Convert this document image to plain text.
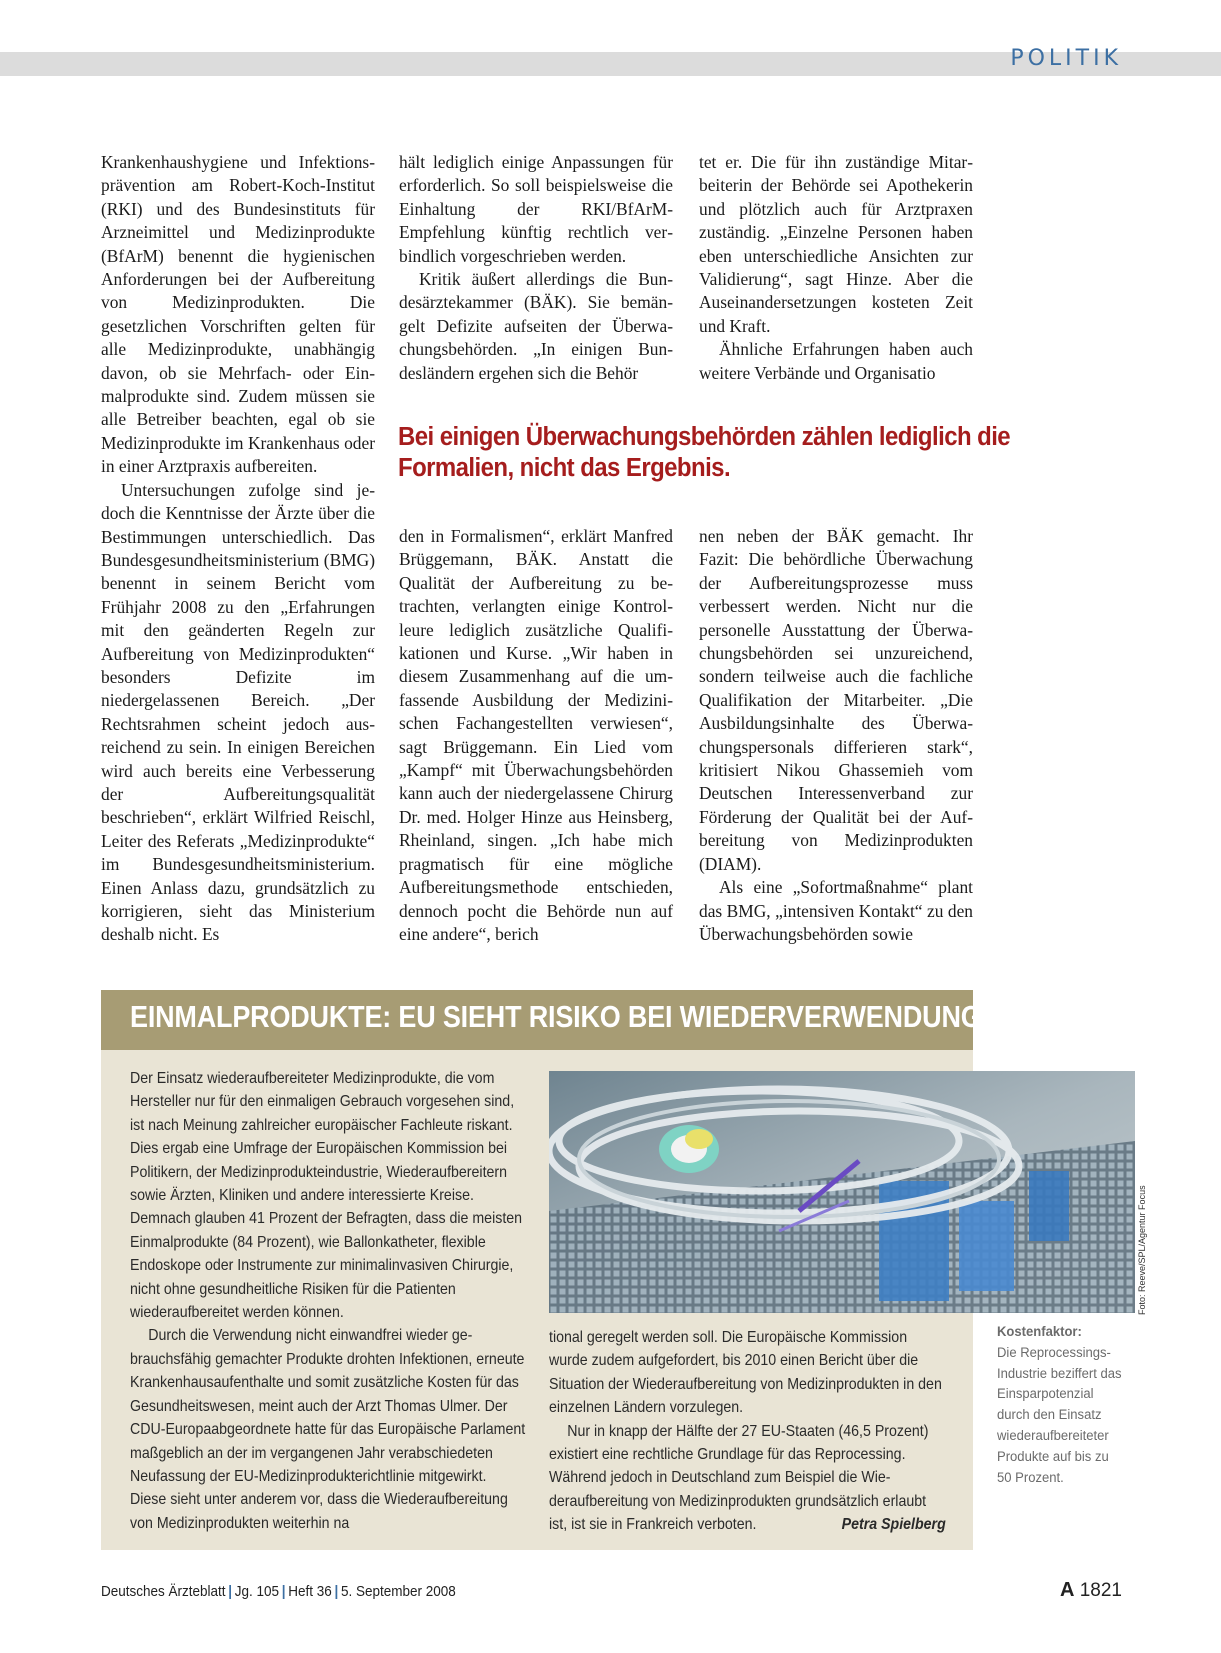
POLITIK

Krankenhaushygiene und Infektionsprävention am Robert-Koch-Institut (RKI) und des Bundesinstituts für Arzneimittel und Medizinprodukte (BfArM) benennt die hygienischen Anforderungen bei der Aufbereitung von Medizinprodukten. Die gesetzlichen Vorschriften gelten für alle Medizinprodukte, unabhängig davon, ob sie Mehrfach- oder Einmalprodukte sind. Zudem müssen sie alle Betreiber beachten, egal ob sie Medizinprodukte im Krankenhaus oder in einer Arztpraxis aufbereiten.

Untersuchungen zufolge sind jedoch die Kenntnisse der Ärzte über die Bestimmungen unterschiedlich. Das Bundesgesundheitsministerium (BMG) benennt in seinem Bericht vom Frühjahr 2008 zu den „Erfahrungen mit den geänderten Regeln zur Aufbereitung von Medizinprodukten“ besonders Defizite im niedergelassenen Bereich. „Der Rechtsrahmen scheint jedoch ausreichend zu sein. In einigen Bereichen wird auch bereits eine Verbesserung der Aufbereitungsqualität beschrieben“, erklärt Wilfried Reischl, Leiter des Referats „Medizinprodukte“ im Bundesgesundheitsministerium. Einen Anlass dazu, grundsätzlich zu korrigieren, sieht das Ministerium deshalb nicht. Es

hält lediglich einige Anpassungen für erforderlich. So soll beispielsweise die Einhaltung der RKI/BfArM-Empfehlung künftig rechtlich verbindlich vorgeschrieben werden.

Kritik äußert allerdings die Bundesärztekammer (BÄK). Sie bemängelt Defizite aufseiten der Überwachungsbehörden. „In einigen Bundesländern ergehen sich die Behör

tet er. Die für ihn zuständige Mitarbeiterin der Behörde sei Apothekerin und plötzlich auch für Arztpraxen zuständig. „Einzelne Personen haben eben unterschiedliche Ansichten zur Validierung“, sagt Hinze. Aber die Auseinandersetzungen kosteten Zeit und Kraft.

Ähnliche Erfahrungen haben auch weitere Verbände und Organisatio

Bei einigen Überwachungsbehörden zählen lediglich die Formalien, nicht das Ergebnis.

den in Formalismen“, erklärt Manfred Brüggemann, BÄK. Anstatt die Qualität der Aufbereitung zu betrachten, verlangten einige Kontrolleure lediglich zusätzliche Qualifikationen und Kurse. „Wir haben in diesem Zusammenhang auf die umfassende Ausbildung der Medizinischen Fachangestellten verwiesen“, sagt Brüggemann. Ein Lied vom „Kampf“ mit Überwachungsbehörden kann auch der niedergelassene Chirurg Dr. med. Holger Hinze aus Heinsberg, Rheinland, singen. „Ich habe mich pragmatisch für eine mögliche Aufbereitungsmethode entschieden, dennoch pocht die Behörde nun auf eine andere“, berich

nen neben der BÄK gemacht. Ihr Fazit: Die behördliche Überwachung der Aufbereitungsprozesse muss verbessert werden. Nicht nur die personelle Ausstattung der Überwachungsbehörden sei unzureichend, sondern teilweise auch die fachliche Qualifikation der Mitarbeiter. „Die Ausbildungsinhalte des Überwachungspersonals differieren stark“, kritisiert Nikou Ghassemieh vom Deutschen Interessenverband zur Förderung der Qualität bei der Aufbereitung von Medizinprodukten (DIAM).

Als eine „Sofortmaßnahme“ plant das BMG, „intensiven Kontakt“ zu den Überwachungsbehörden sowie

EINMALPRODUKTE: EU SIEHT RISIKO BEI WIEDERVERWENDUNG

Der Einsatz wiederaufbereiteter Medizinprodukte, die vom Hersteller nur für den einmaligen Gebrauch vorgesehen sind, ist nach Meinung zahlreicher europäischer Fachleute riskant. Dies ergab eine Umfrage der Europäischen Kommission bei Politikern, der Medizinprodukteindustrie, Wiederaufbereitern sowie Ärzten, Kliniken und andere interessierte Kreise. Demnach glauben 41 Prozent der Befragten, dass die meisten Einmalprodukte (84 Prozent), wie Ballonkatheter, flexible Endoskope oder Instrumente zur minimalinvasiven Chirurgie, nicht ohne gesundheitliche Risiken für die Patienten wiederaufbereitet werden können.

Durch die Verwendung nicht einwandfrei wieder gebrauchsfähig gemachter Produkte drohten Infektionen, erneute Krankenhausaufenthalte und somit zusätzliche Kosten für das Gesundheitswesen, meint auch der Arzt Thomas Ulmer. Der CDU-Europaabgeordnete hatte für das Europäische Parlament maßgeblich an der im vergangenen Jahr verabschiedeten Neufassung der EU-Medizinprodukterichtlinie mitgewirkt. Diese sieht unter anderem vor, dass die Wiederaufbereitung von Medizinprodukten weiterhin na

tional geregelt werden soll. Die Europäische Kommission wurde zudem aufgefordert, bis 2010 einen Bericht über die Situation der Wiederaufbereitung von Medizinprodukten in den einzelnen Ländern vorzulegen.

Nur in knapp der Hälfte der 27 EU-Staaten (46,5 Prozent) existiert eine rechtliche Grundlage für das Reprocessing. Während jedoch in Deutschland zum Beispiel die Wiederaufbereitung von Medizinprodukten grundsätzlich erlaubt ist, ist sie in Frankreich verboten.	Petra Spielberg

Foto: Reeve/SPL/Agentur Focus
Kostenfaktor:
Die Reprocessings-Industrie beziffert das Einsparpotenzial durch den Einsatz wiederaufbereiteter Produkte auf bis zu 50 Prozent.
Deutsches Ärzteblatt | Jg. 105 | Heft 36 | 5. September 2008	A 1821
